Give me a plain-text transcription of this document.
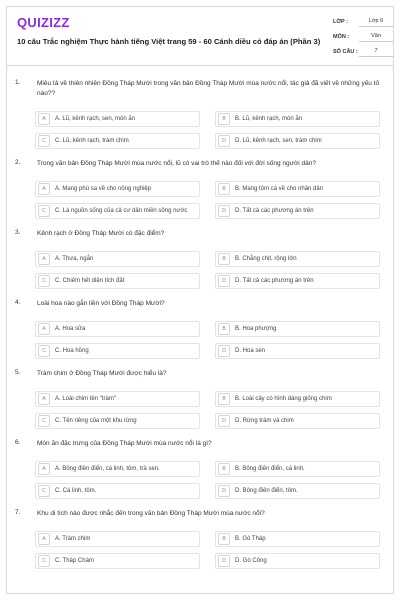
QUIZIZZ
10 câu Trắc nghiệm Thực hành tiếng Việt trang 59 - 60 Cánh diều có đáp án (Phần 3)
LỚP :	Lớp 6
MÔN :	Văn
SỐ CÂU :	7
1.	Miêu tả về thiên nhiên Đồng Tháp Mười trong văn bản Đồng Tháp Mười mùa nước nổi, tác giả đã viết về những yếu tố nào??
A	A. Lũ, kênh rạch, sen, món ăn	B	B. Lũ, kênh rạch, món ăn
C	C. Lũ, kênh rạch, tràm chim	D	D. Lũ, kênh rạch, sen, tràm chim
2.	Trong văn bản Đồng Tháp Mười mùa nước nổi, lũ có vai trò thế nào đối với đời sống người dân?
A	A. Mang phù sa về cho nông nghiệp	B	B. Mang tôm cá về cho nhân dân
C	C. Là nguồn sống của cả cư dân miền sông nước	D	D. Tất cả các phương án trên
3.	Kênh rạch ở Đồng Tháp Mười có đặc điểm?
A	A. Thưa, ngắn	B	B. Chằng chịt, rộng lớn
C	C. Chiếm hết diện tích đất	D	D. Tất cả các phương án trên
4.	Loài hoa nào gắn liền với Đồng Tháp Mười?
A	A. Hoa sữa	B	B. Hoa phượng
C	C. Hoa hồng	D	D. Hoa sen
5.	Tràm chim ở Đồng Tháp Mười được hiểu là?
A	A. Loài chim tên "tràm"	B	B. Loài cây có hình dáng giống chim
C	C. Tên riêng của một khu rừng	D	D. Rừng tràm và chim
6.	Món ăn đặc trưng của Đồng Tháp Mười mùa nước nổi là gì?
A	A. Bông điên điển, cá linh, tôm, trà sen.	B	B. Bông điên điển, cá linh.
C	C. Cá linh, tôm.	D	D. Bông điên điển, tôm.
7.	Khu di tích nào được nhắc đến trong văn bản Đồng Tháp Mười mùa nước nổi?
A	A. Tràm chim	B	B. Gò Tháp
C	C. Tháp Chàm	D	D. Gò Công
